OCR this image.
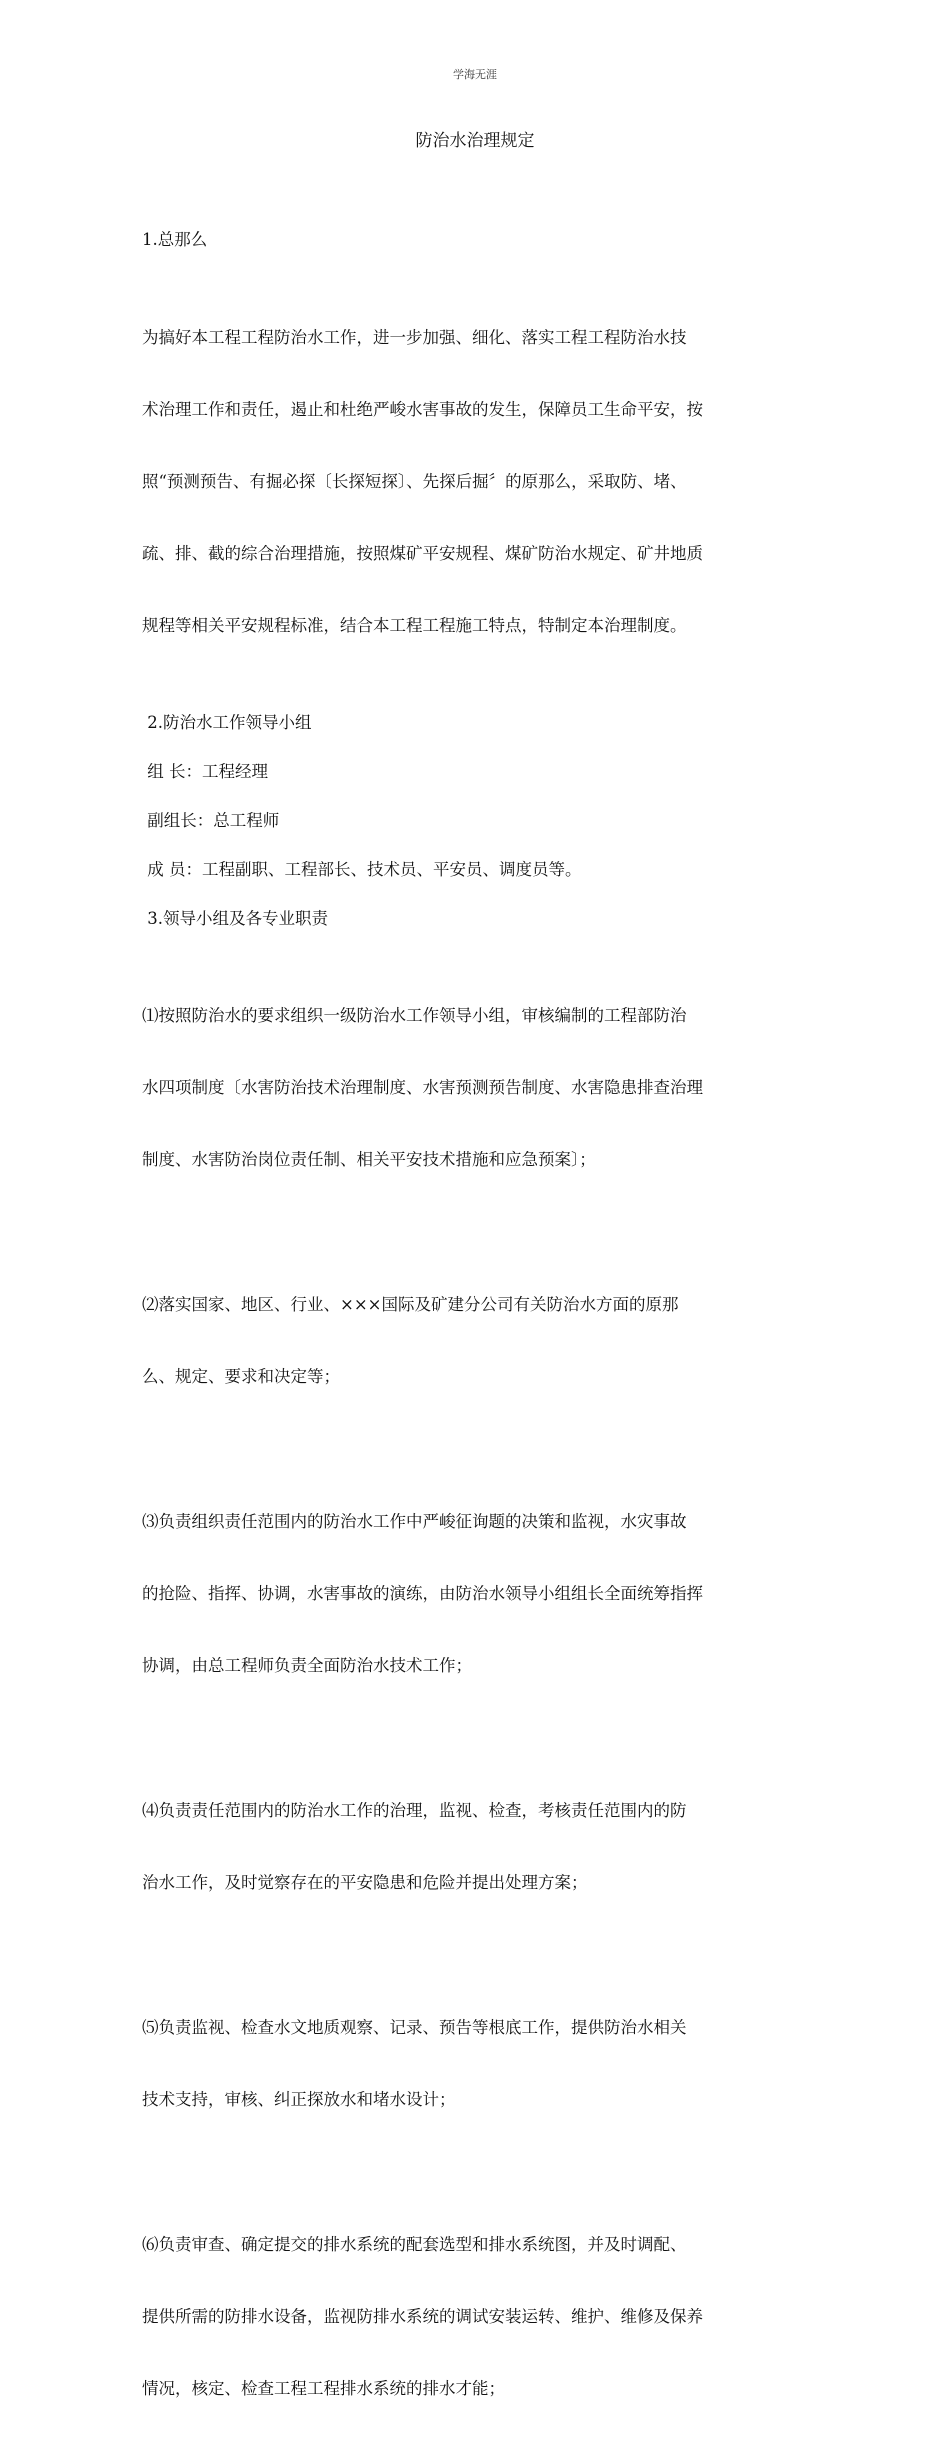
学海无涯
防治水治理规定

1.总那么

为搞好本工程工程防治水工作，进一步加强、细化、落实工程工程防治水技

术治理工作和责任，遏止和杜绝严峻水害事故的发生，保障员工生命平安，按

照“预测预告、有掘必探〔长探短探〕、先探后掘〞的原那么，采取防、堵、

疏、排、截的综合治理措施，按照煤矿平安规程、煤矿防治水规定、矿井地质

规程等相关平安规程标准，结合本工程工程施工特点，特制定本治理制度。

2.防治水工作领导小组

组 长：工程经理

副组长：总工程师

成 员：工程副职、工程部长、技术员、平安员、调度员等。

3.领导小组及各专业职责

⑴按照防治水的要求组织一级防治水工作领导小组，审核编制的工程部防治

水四项制度〔水害防治技术治理制度、水害预测预告制度、水害隐患排查治理

制度、水害防治岗位责任制、相关平安技术措施和应急预案〕；

⑵落实国家、地区、行业、×××国际及矿建分公司有关防治水方面的原那

么、规定、要求和决定等；

⑶负责组织责任范围内的防治水工作中严峻征询题的决策和监视，水灾事故

的抢险、指挥、协调，水害事故的演练，由防治水领导小组组长全面统筹指挥

协调，由总工程师负责全面防治水技术工作；

⑷负责责任范围内的防治水工作的治理，监视、检查，考核责任范围内的防

治水工作，及时觉察存在的平安隐患和危险并提出处理方案；

⑸负责监视、检查水文地质观察、记录、预告等根底工作，提供防治水相关

技术支持，审核、纠正探放水和堵水设计；

⑹负责审查、确定提交的排水系统的配套选型和排水系统图，并及时调配、

提供所需的防排水设备，监视防排水系统的调试安装运转、维护、维修及保养

情况，核定、检查工程工程排水系统的排水才能；
